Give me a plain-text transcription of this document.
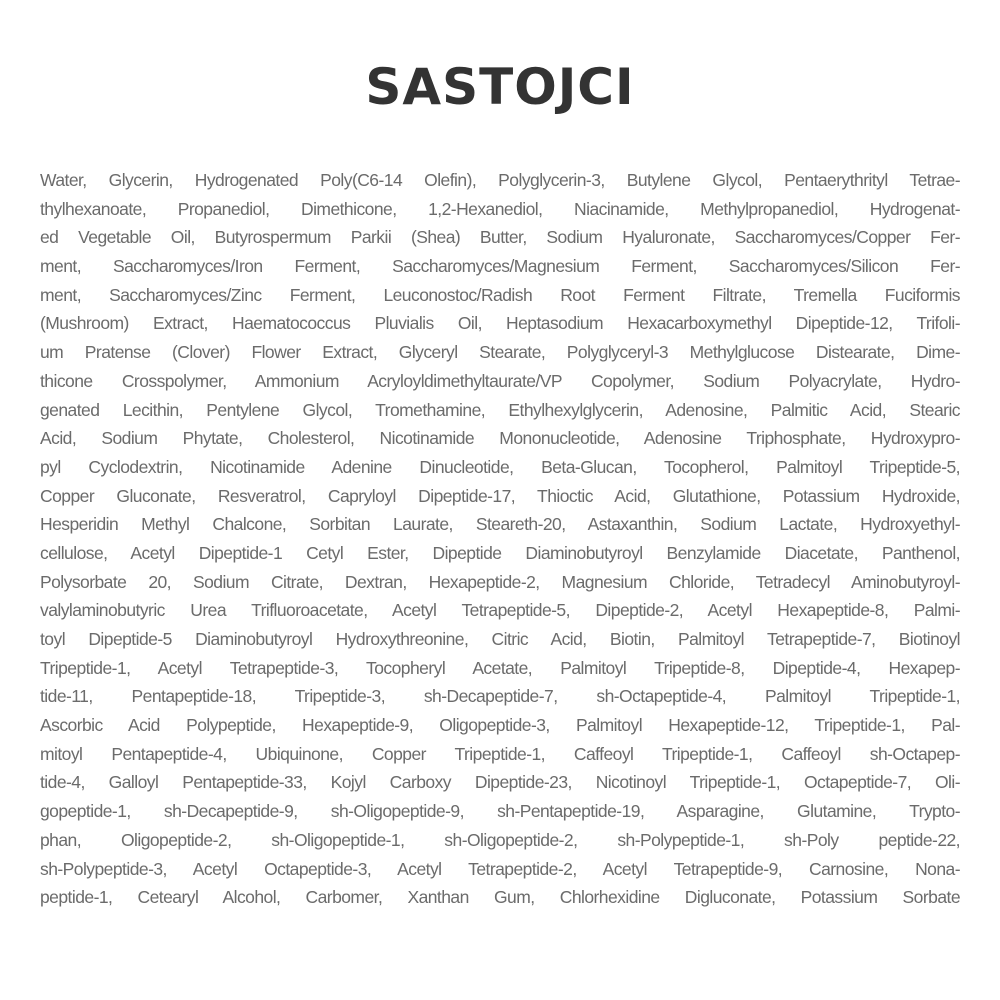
SASTOJCI
Water, Glycerin, Hydrogenated Poly(C6-14 Olefin), Polyglycerin-3, Butylene Glycol, Pentaerythrityl Tetrae-
thylhexanoate, Propanediol, Dimethicone, 1,2-Hexanediol, Niacinamide, Methylpropanediol, Hydrogenat-
ed Vegetable Oil, Butyrospermum Parkii (Shea) Butter, Sodium Hyaluronate, Saccharomyces/Copper Fer-
ment, Saccharomyces/Iron Ferment, Saccharomyces/Magnesium Ferment, Saccharomyces/Silicon Fer-
ment, Saccharomyces/Zinc Ferment, Leuconostoc/Radish Root Ferment Filtrate, Tremella Fuciformis
(Mushroom) Extract, Haematococcus Pluvialis Oil, Heptasodium Hexacarboxymethyl Dipeptide-12, Trifoli-
um Pratense (Clover) Flower Extract, Glyceryl Stearate, Polyglyceryl-3 Methylglucose Distearate, Dime-
thicone Crosspolymer, Ammonium Acryloyldimethyltaurate/VP Copolymer, Sodium Polyacrylate, Hydro-
genated Lecithin, Pentylene Glycol, Tromethamine, Ethylhexylglycerin, Adenosine, Palmitic Acid, Stearic
Acid, Sodium Phytate, Cholesterol, Nicotinamide Mononucleotide, Adenosine Triphosphate, Hydroxypro-
pyl Cyclodextrin, Nicotinamide Adenine Dinucleotide, Beta-Glucan, Tocopherol, Palmitoyl Tripeptide-5,
Copper Gluconate, Resveratrol, Capryloyl Dipeptide-17, Thioctic Acid, Glutathione, Potassium Hydroxide,
Hesperidin Methyl Chalcone, Sorbitan Laurate, Steareth-20, Astaxanthin, Sodium Lactate, Hydroxyethyl-
cellulose, Acetyl Dipeptide-1 Cetyl Ester, Dipeptide Diaminobutyroyl Benzylamide Diacetate, Panthenol,
Polysorbate 20, Sodium Citrate, Dextran, Hexapeptide-2, Magnesium Chloride, Tetradecyl Aminobutyroyl-
valylaminobutyric Urea Trifluoroacetate, Acetyl Tetrapeptide-5, Dipeptide-2, Acetyl Hexapeptide-8, Palmi-
toyl Dipeptide-5 Diaminobutyroyl Hydroxythreonine, Citric Acid, Biotin, Palmitoyl Tetrapeptide-7, Biotinoyl
Tripeptide-1, Acetyl Tetrapeptide-3, Tocopheryl Acetate, Palmitoyl Tripeptide-8, Dipeptide-4, Hexapep-
tide-11, Pentapeptide-18, Tripeptide-3, sh-Decapeptide-7, sh-Octapeptide-4, Palmitoyl Tripeptide-1,
Ascorbic Acid Polypeptide, Hexapeptide-9, Oligopeptide-3, Palmitoyl Hexapeptide-12, Tripeptide-1, Pal-
mitoyl Pentapeptide-4, Ubiquinone, Copper Tripeptide-1, Caffeoyl Tripeptide-1, Caffeoyl sh-Octapep-
tide-4, Galloyl Pentapeptide-33, Kojyl Carboxy Dipeptide-23, Nicotinoyl Tripeptide-1, Octapeptide-7, Oli-
gopeptide-1, sh-Decapeptide-9, sh-Oligopeptide-9, sh-Pentapeptide-19, Asparagine, Glutamine, Trypto-
phan, Oligopeptide-2, sh-Oligopeptide-1, sh-Oligopeptide-2, sh-Polypeptide-1, sh-Poly peptide-22,
sh-Polypeptide-3, Acetyl Octapeptide-3, Acetyl Tetrapeptide-2, Acetyl Tetrapeptide-9, Carnosine, Nona-
peptide-1, Cetearyl Alcohol, Carbomer, Xanthan Gum, Chlorhexidine Digluconate, Potassium Sorbate
